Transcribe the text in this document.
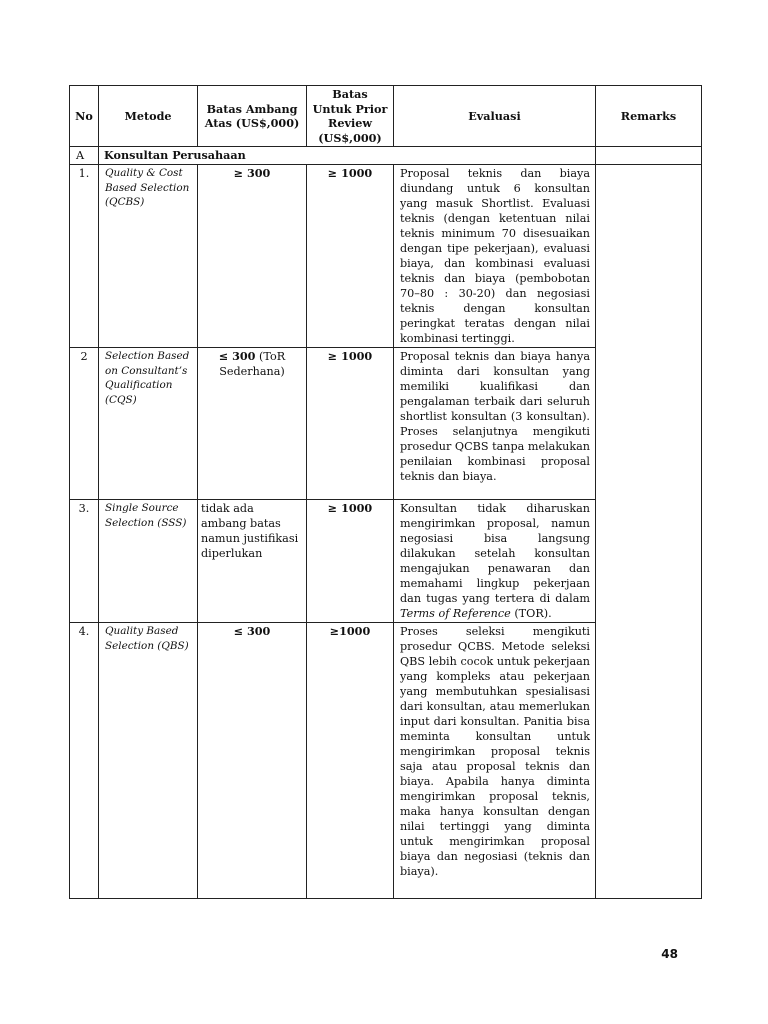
No	Metode	Batas Ambang Atas (US$,000)	Batas Untuk Prior Review (US$,000)	Evaluasi	Remarks
A	Konsultan Perusahaan				
1.	Quality & Cost Based Selection (QCBS)	≥ 300	≥ 1000	Proposal teknis dan biaya diundang untuk 6 konsultan yang masuk Shortlist. Evaluasi teknis (dengan ketentuan nilai teknis minimum 70 disesuaikan dengan tipe pekerjaan), evaluasi biaya, dan kombinasi evaluasi teknis dan biaya (pembobotan 70–80 : 30-20) dan negosiasi teknis dengan konsultan peringkat teratas dengan nilai kombinasi tertinggi.	
2	Selection Based on Consultant’s Qualification (CQS)	≤ 300 (ToR Sederhana)	≥ 1000	Proposal teknis dan biaya hanya diminta dari konsultan yang memiliki kualifikasi dan pengalaman terbaik dari seluruh shortlist konsultan (3 konsultan). Proses selanjutnya mengikuti prosedur QCBS tanpa melakukan penilaian kombinasi proposal teknis dan biaya.	
3.	Single Source Selection (SSS)	tidak ada ambang batas namun justifikasi diperlukan	≥ 1000	Konsultan tidak diharuskan mengirimkan proposal, namun negosiasi bisa langsung dilakukan setelah konsultan mengajukan penawaran dan memahami lingkup pekerjaan dan tugas yang tertera di dalam Terms of Reference (TOR).	
4.	Quality Based Selection (QBS)	≤ 300	≥1000	Proses seleksi mengikuti prosedur QCBS. Metode seleksi QBS lebih cocok untuk pekerjaan yang kompleks atau pekerjaan yang membutuhkan spesialisasi dari konsultan, atau memerlukan input dari konsultan. Panitia bisa meminta konsultan untuk mengirimkan proposal teknis saja atau proposal teknis dan biaya. Apabila hanya diminta mengirimkan proposal teknis, maka hanya konsultan dengan nilai tertinggi yang diminta untuk mengirimkan proposal biaya dan negosiasi (teknis dan biaya).	
48
